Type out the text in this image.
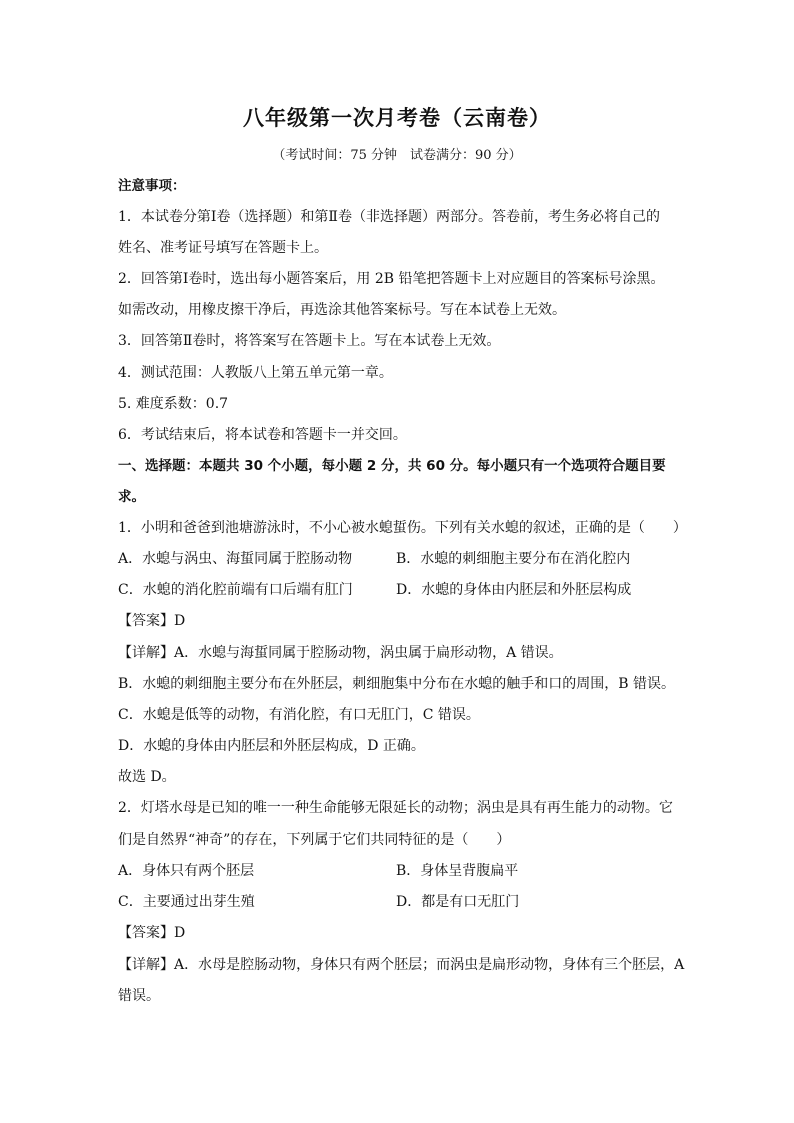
八年级第一次月考卷（云南卷）
（考试时间：75 分钟　试卷满分：90 分）
注意事项：
1．本试卷分第Ⅰ卷（选择题）和第Ⅱ卷（非选择题）两部分。答卷前，考生务必将自己的
姓名、准考证号填写在答题卡上。
2．回答第Ⅰ卷时，选出每小题答案后，用 2B 铅笔把答题卡上对应题目的答案标号涂黑。
如需改动，用橡皮擦干净后，再选涂其他答案标号。写在本试卷上无效。
3．回答第Ⅱ卷时，将答案写在答题卡上。写在本试卷上无效。
4．测试范围：人教版八上第五单元第一章。
5. 难度系数：0.7
6．考试结束后，将本试卷和答题卡一并交回。
一、选择题：本题共 30 个小题，每小题 2 分，共 60 分。每小题只有一个选项符合题目要
求。
1．小明和爸爸到池塘游泳时，不小心被水螅蜇伤。下列有关水螅的叙述，正确的是（　　）
A．水螅与涡虫、海蜇同属于腔肠动物	B．水螅的刺细胞主要分布在消化腔内
C．水螅的消化腔前端有口后端有肛门	D．水螅的身体由内胚层和外胚层构成
【答案】D
【详解】A．水螅与海蜇同属于腔肠动物，涡虫属于扁形动物，A 错误。
B．水螅的刺细胞主要分布在外胚层，刺细胞集中分布在水螅的触手和口的周围，B 错误。
C．水螅是低等的动物，有消化腔，有口无肛门，C 错误。
D．水螅的身体由内胚层和外胚层构成，D 正确。
故选 D。
2．灯塔水母是已知的唯一一种生命能够无限延长的动物；涡虫是具有再生能力的动物。它
们是自然界“神奇”的存在，下列属于它们共同特征的是（　　）
A．身体只有两个胚层	B．身体呈背腹扁平
C．主要通过出芽生殖	D．都是有口无肛门
【答案】D
【详解】A．水母是腔肠动物，身体只有两个胚层；而涡虫是扁形动物，身体有三个胚层，A
错误。
